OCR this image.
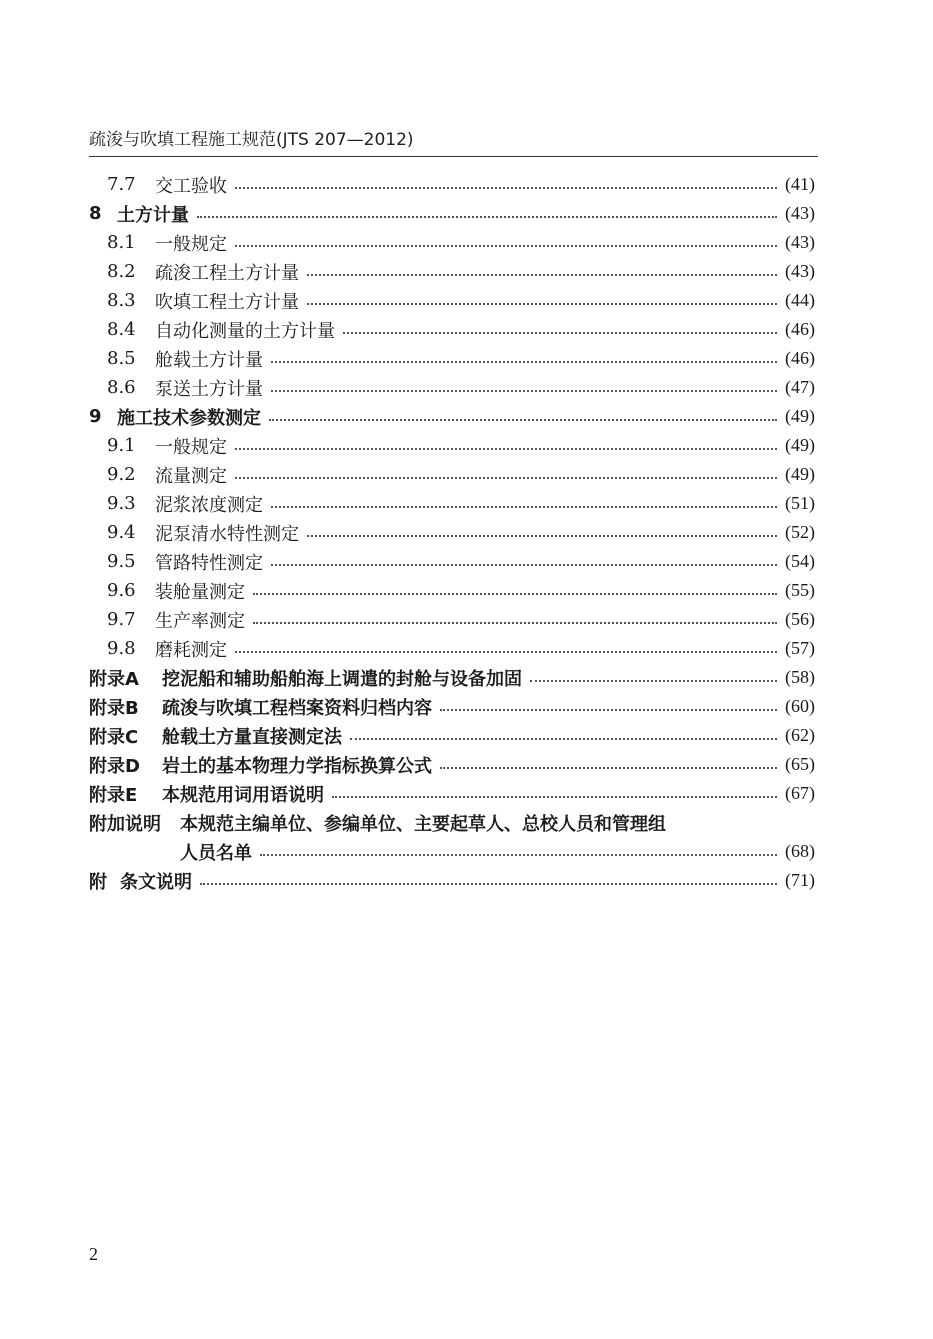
疏浚与吹填工程施工规范(JTS 207—2012)
7.7	交工验收	(41)
8 土方计量	(43)
8.1	一般规定	(43)
8.2	疏浚工程土方计量	(43)
8.3	吹填工程土方计量	(44)
8.4	自动化测量的土方计量	(46)
8.5	舱载土方计量	(46)
8.6	泵送土方计量	(47)
9 施工技术参数测定	(49)
9.1	一般规定	(49)
9.2	流量测定	(49)
9.3	泥浆浓度测定	(51)
9.4	泥泵清水特性测定	(52)
9.5	管路特性测定	(54)
9.6	装舱量测定	(55)
9.7	生产率测定	(56)
9.8	磨耗测定	(57)
附录A	挖泥船和辅助船舶海上调遣的封舱与设备加固	(58)
附录B	疏浚与吹填工程档案资料归档内容	(60)
附录C	舱载土方量直接测定法	(62)
附录D	岩土的基本物理力学指标换算公式	(65)
附录E	本规范用词用语说明	(67)
附加说明	本规范主编单位、参编单位、主要起草人、总校人员和管理组
人员名单	(68)
附 条文说明	(71)
2
